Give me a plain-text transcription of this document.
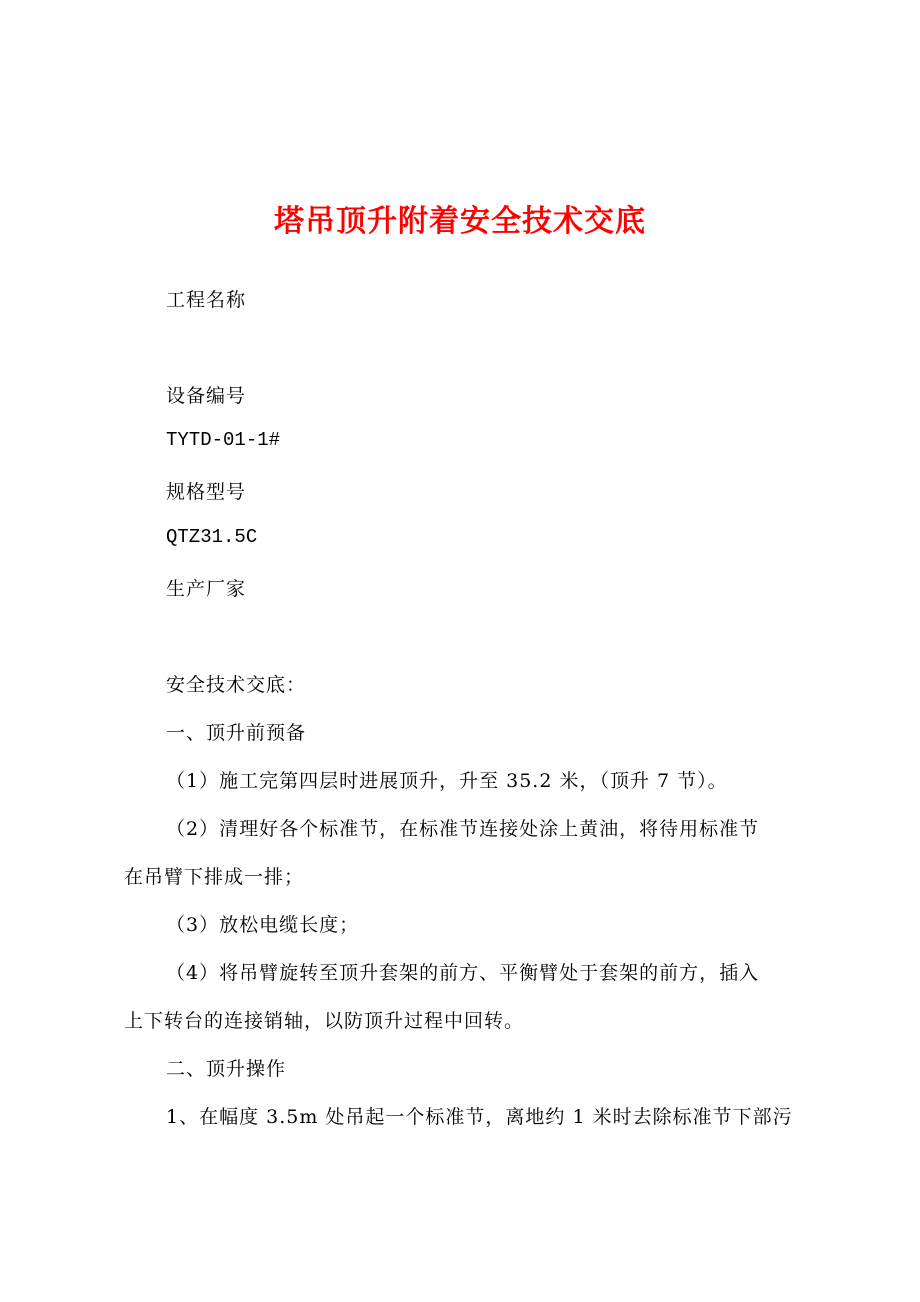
塔吊顶升附着安全技术交底
工程名称
设备编号
TYTD-01-1#
规格型号
QTZ31.5C
生产厂家
安全技术交底：
一、顶升前预备
（1）施工完第四层时进展顶升，升至 35.2 米，（顶升 7 节）。
（2）清理好各个标准节，在标准节连接处涂上黄油，将待用标准节
在吊臂下排成一排；
（3）放松电缆长度；
（4）将吊臂旋转至顶升套架的前方、平衡臂处于套架的前方，插入
上下转台的连接销轴，以防顶升过程中回转。
二、顶升操作
1、在幅度 3.5m 处吊起一个标准节，离地约 1 米时去除标准节下部污
